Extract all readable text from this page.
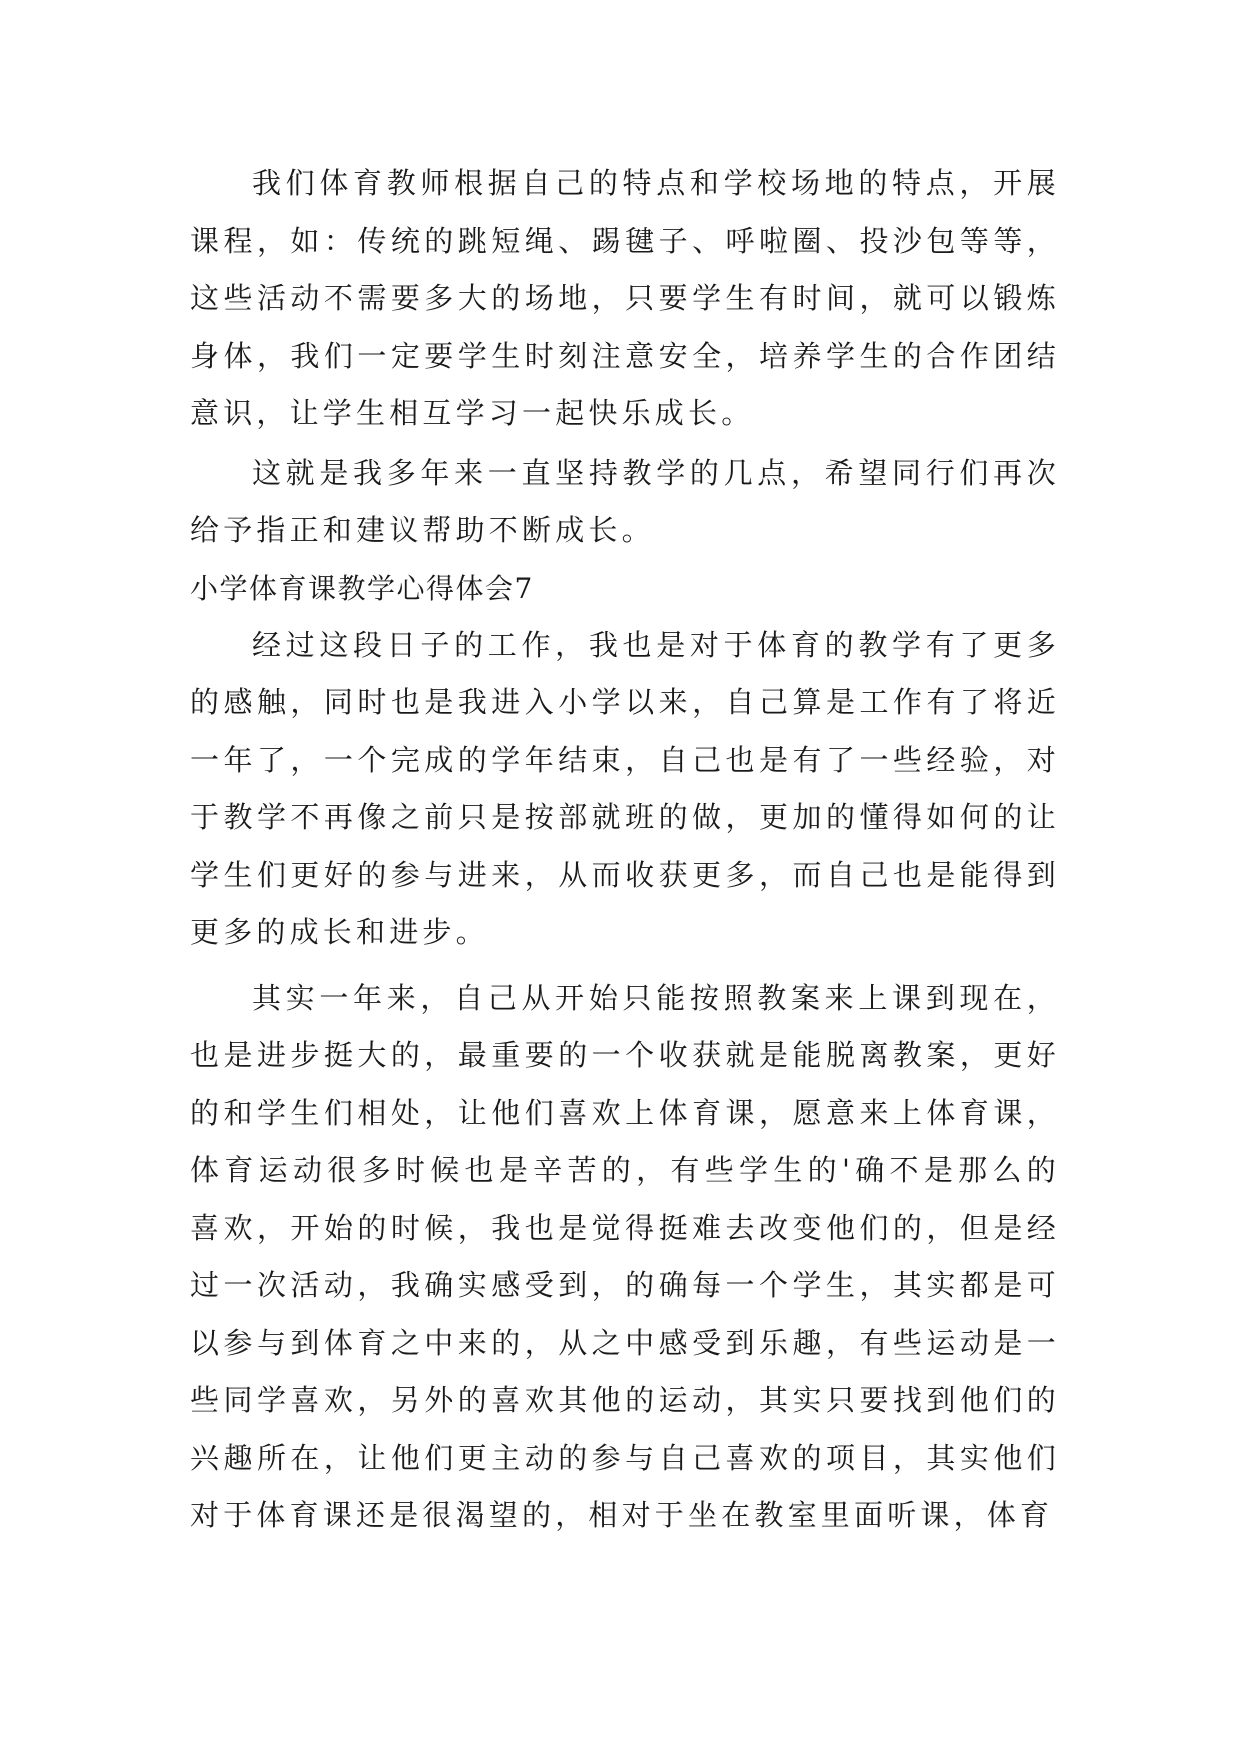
我们体育教师根据自己的特点和学校场地的特点，开展课程，如：传统的跳短绳、踢毽子、呼啦圈、投沙包等等，这些活动不需要多大的场地，只要学生有时间，就可以锻炼身体，我们一定要学生时刻注意安全，培养学生的合作团结意识，让学生相互学习一起快乐成长。

这就是我多年来一直坚持教学的几点，希望同行们再次给予指正和建议帮助不断成长。

小学体育课教学心得体会7

经过这段日子的工作，我也是对于体育的教学有了更多的感触，同时也是我进入小学以来，自己算是工作有了将近一年了，一个完成的学年结束，自己也是有了一些经验，对于教学不再像之前只是按部就班的做，更加的懂得如何的让学生们更好的参与进来，从而收获更多，而自己也是能得到更多的成长和进步。

其实一年来，自己从开始只能按照教案来上课到现在，也是进步挺大的，最重要的一个收获就是能脱离教案，更好的和学生们相处，让他们喜欢上体育课，愿意来上体育课，体育运动很多时候也是辛苦的，有些学生的'确不是那么的喜欢，开始的时候，我也是觉得挺难去改变他们的，但是经过一次活动，我确实感受到，的确每一个学生，其实都是可以参与到体育之中来的，从之中感受到乐趣，有些运动是一些同学喜欢，另外的喜欢其他的运动，其实只要找到他们的兴趣所在，让他们更主动的参与自己喜欢的项目，其实他们对于体育课还是很渴望的，相对于坐在教室里面听课，体育
